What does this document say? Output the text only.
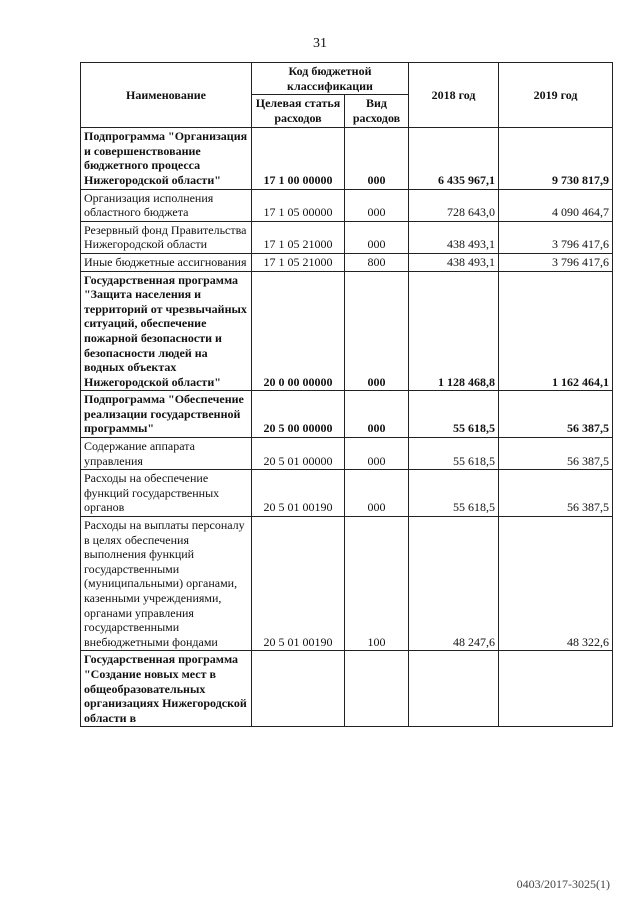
31
Наименование	Код бюджетной классификации		2018 год	2019 год
	Целевая статья расходов	Вид расходов		
Подпрограмма "Организация и совершенствование бюджетного процесса Нижегородской области"	17 1 00 00000	000	6 435 967,1	9 730 817,9
Организация исполнения областного бюджета	17 1 05 00000	000	728 643,0	4 090 464,7
Резервный фонд Правительства Нижегородской области	17 1 05 21000	000	438 493,1	3 796 417,6
Иные бюджетные ассигнования	17 1 05 21000	800	438 493,1	3 796 417,6
Государственная программа "Защита населения и территорий от чрезвычайных ситуаций, обеспечение пожарной безопасности и безопасности людей на водных объектах Нижегородской области"	20 0 00 00000	000	1 128 468,8	1 162 464,1
Подпрограмма "Обеспечение реализации государственной программы"	20 5 00 00000	000	55 618,5	56 387,5
Содержание аппарата управления	20 5 01 00000	000	55 618,5	56 387,5
Расходы на обеспечение функций государственных органов	20 5 01 00190	000	55 618,5	56 387,5
Расходы на выплаты персоналу в целях обеспечения выполнения функций государственными (муниципальными) органами, казенными учреждениями, органами управления государственными внебюджетными фондами	20 5 01 00190	100	48 247,6	48 322,6
Государственная программа "Создание новых мест в общеобразовательных организациях Нижегородской области в				
0403/2017-3025(1)
